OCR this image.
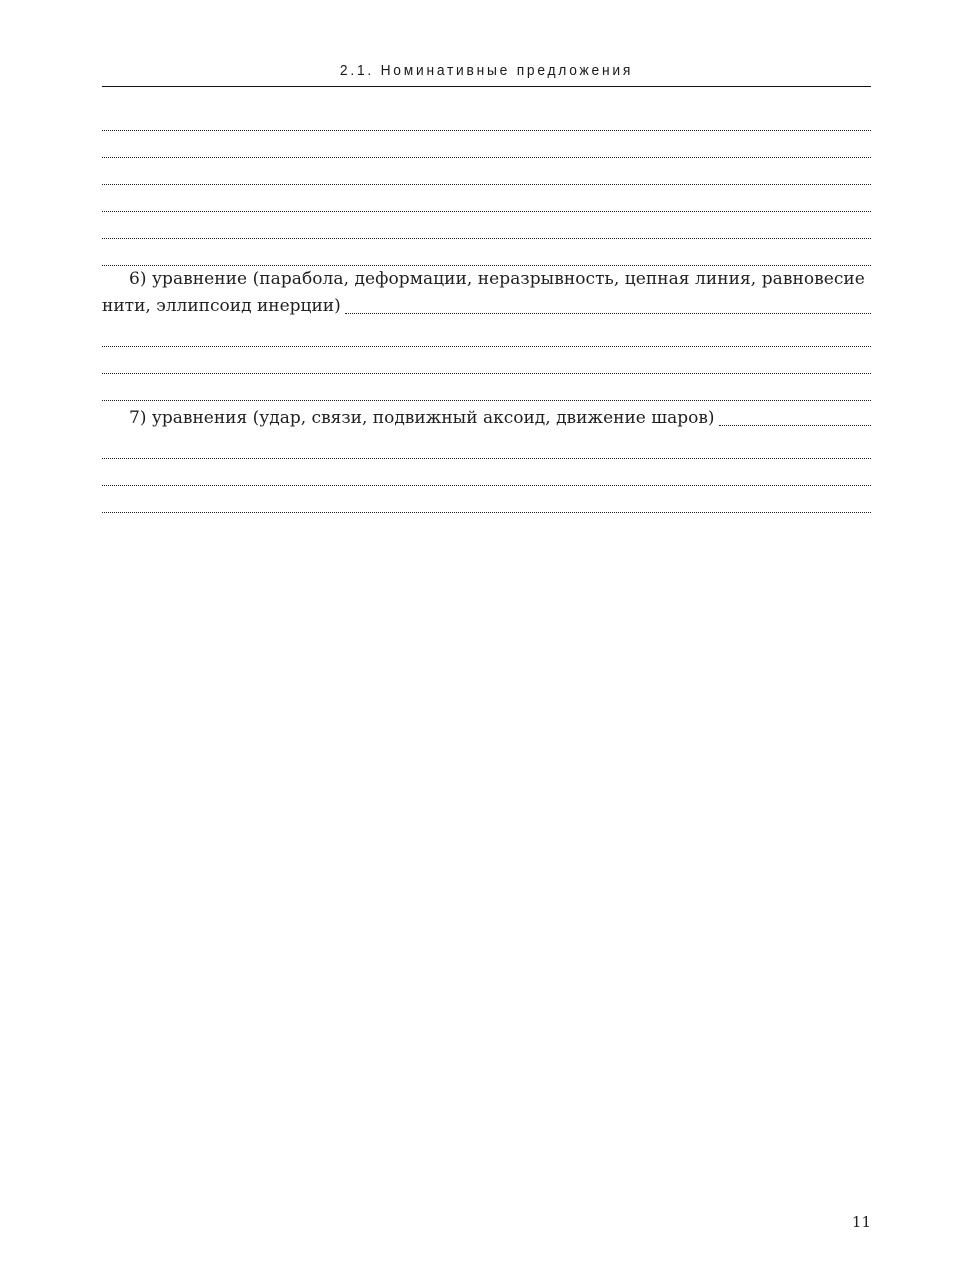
2.1. Номинативные предложения
6) уравнение (парабола, деформации, неразрывность, цепная линия, равновесие
нити, эллипсоид инерции)
7) уравнения (удар, связи, подвижный аксоид, движение шаров)
11
